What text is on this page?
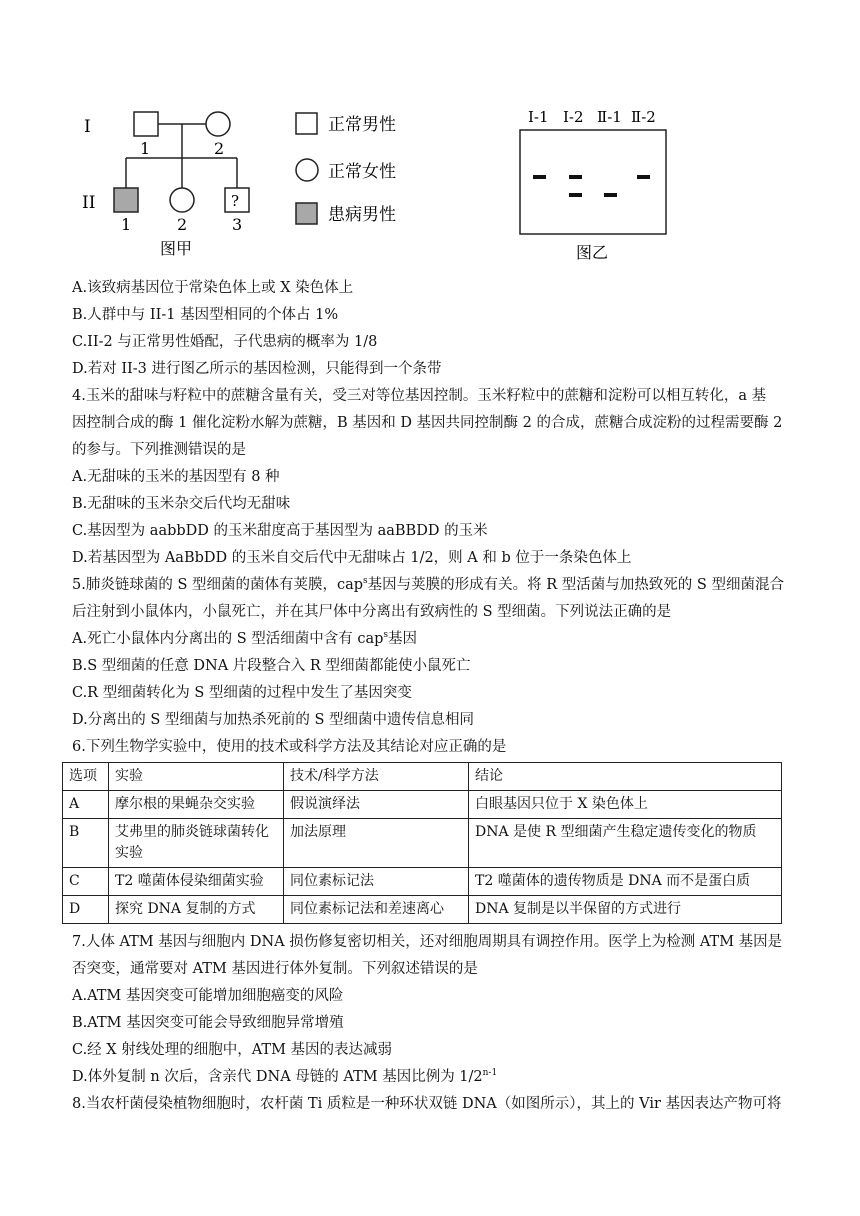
I
II
1	2
?
1	2	3
图甲
正常男性
正常女性
患病男性
Ⅰ-1 Ⅰ-2 Ⅱ-1 Ⅱ-2
图乙
A.该致病基因位于常染色体上或 X 染色体上
B.人群中与 II-1 基因型相同的个体占 1%
C.II-2 与正常男性婚配，子代患病的概率为 1/8
D.若对 II-3 进行图乙所示的基因检测，只能得到一个条带
4.玉米的甜味与籽粒中的蔗糖含量有关，受三对等位基因控制。玉米籽粒中的蔗糖和淀粉可以相互转化，a 基
因控制合成的酶 1 催化淀粉水解为蔗糖，B 基因和 D 基因共同控制酶 2 的合成，蔗糖合成淀粉的过程需要酶 2
的参与。下列推测错误的是
A.无甜味的玉米的基因型有 8 种
B.无甜味的玉米杂交后代均无甜味
C.基因型为 aabbDD 的玉米甜度高于基因型为 aaBBDD 的玉米
D.若基因型为 AaBbDD 的玉米自交后代中无甜味占 1/2，则 A 和 b 位于一条染色体上
5.肺炎链球菌的 S 型细菌的菌体有荚膜，cap$^s$基因与荚膜的形成有关。将 R 型活菌与加热致死的 S 型细菌混合
后注射到小鼠体内，小鼠死亡，并在其尸体中分离出有致病性的 S 型细菌。下列说法正确的是
A.死亡小鼠体内分离出的 S 型活细菌中含有 cap$^s$基因
B.S 型细菌的任意 DNA 片段整合入 R 型细菌都能使小鼠死亡
C.R 型细菌转化为 S 型细菌的过程中发生了基因突变
D.分离出的 S 型细菌与加热杀死前的 S 型细菌中遗传信息相同
6.下列生物学实验中，使用的技术或科学方法及其结论对应正确的是
选项	实验	技术/科学方法	结论
A	摩尔根的果蝇杂交实验	假说演绎法	白眼基因只位于 X 染色体上
B	艾弗里的肺炎链球菌转化实验	加法原理	DNA 是使 R 型细菌产生稳定遗传变化的物质
C	T2 噬菌体侵染细菌实验	同位素标记法	T2 噬菌体的遗传物质是 DNA 而不是蛋白质
D	探究 DNA 复制的方式	同位素标记法和差速离心	DNA 复制是以半保留的方式进行
7.人体 ATM 基因与细胞内 DNA 损伤修复密切相关，还对细胞周期具有调控作用。医学上为检测 ATM 基因是
否突变，通常要对 ATM 基因进行体外复制。下列叙述错误的是
A.ATM 基因突变可能增加细胞癌变的风险
B.ATM 基因突变可能会导致细胞异常增殖
C.经 X 射线处理的细胞中，ATM 基因的表达减弱
D.体外复制 n 次后，含亲代 DNA 母链的 ATM 基因比例为 1/2$^{n-1}$
8.当农杆菌侵染植物细胞时，农杆菌 Ti 质粒是一种环状双链 DNA（如图所示），其上的 Vir 基因表达产物可将
